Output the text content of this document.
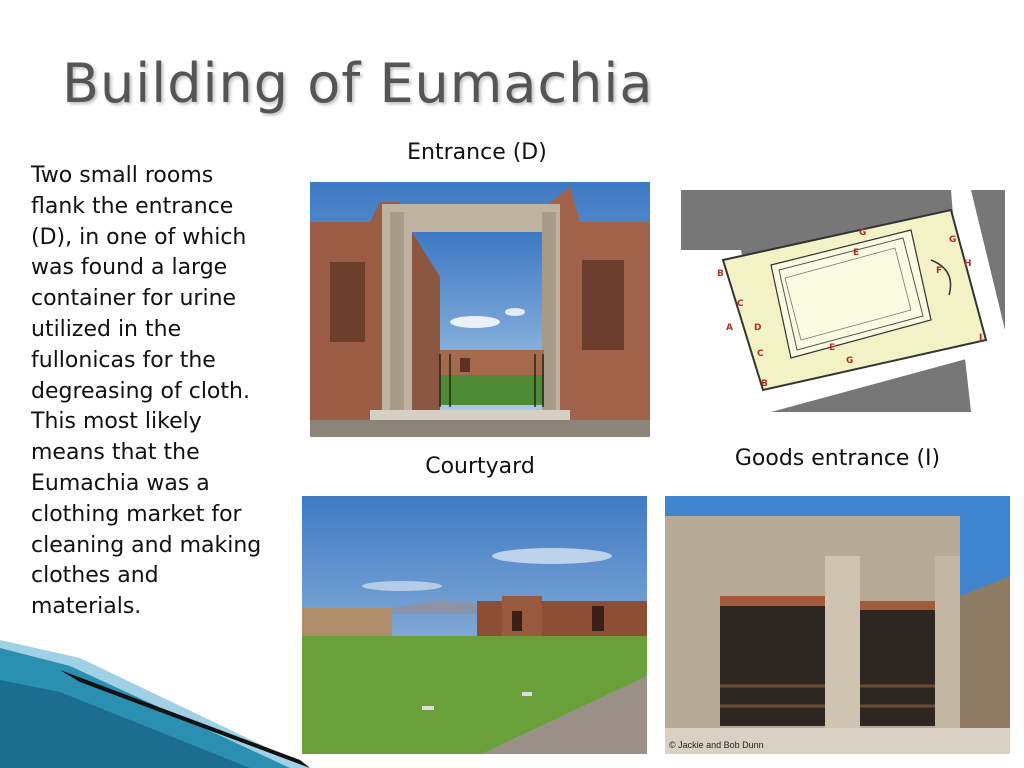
Building of Eumachia
Two small rooms flank the entrance (D), in one of which was found a large container for urine utilized in the fullonicas for the degreasing of cloth. This most likely means that the Eumachia was a clothing market for cleaning and making clothes and materials.
Entrance (D)
Courtyard	Goods entrance (I)
A
B
B
C
C
D
E
E
F
G
G
G
H
J
© Jackie and Bob Dunn
